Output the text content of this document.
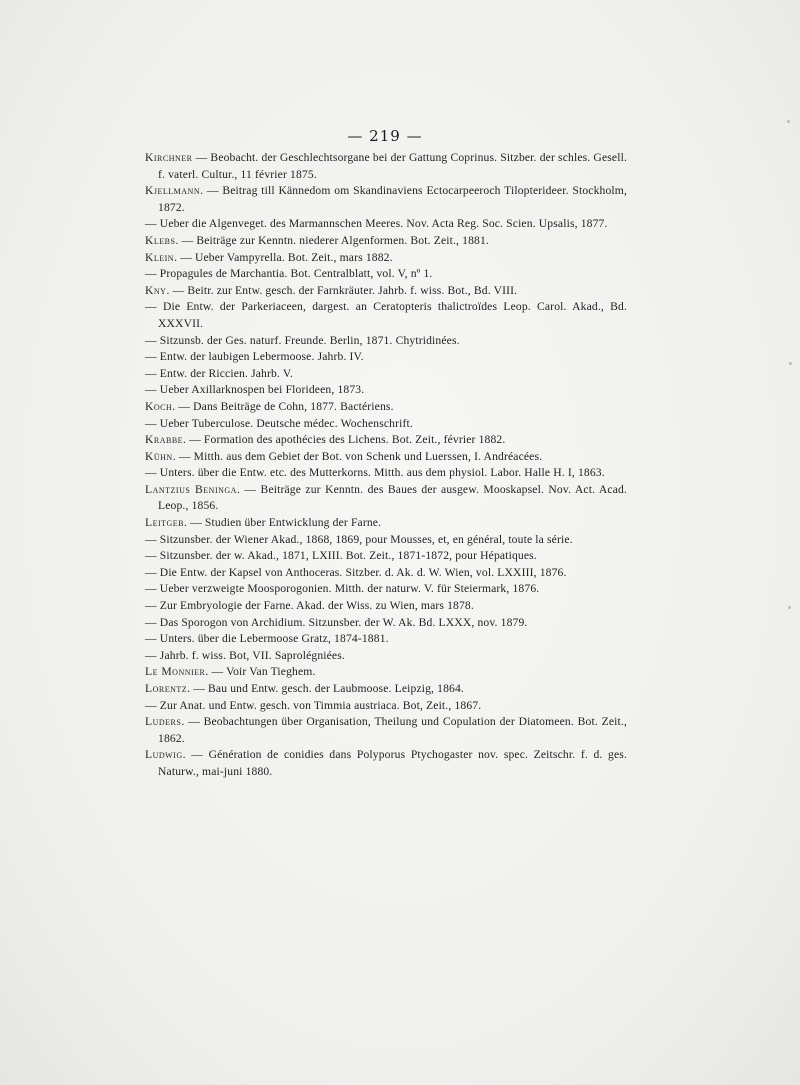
— 219 —

Kirchner — Beobacht. der Geschlechtsorgane bei der Gattung Coprinus. Sitzber. der schles. Gesell. f. vaterl. Cultur., 11 février 1875.

Kjellmann. — Beitrag till Kännedom om Skandinaviens Ectocarpeeroch Tilopterideer. Stockholm, 1872.

— Ueber die Algenveget. des Marmannschen Meeres. Nov. Acta Reg. Soc. Scien. Upsalis, 1877.

Klebs. — Beiträge zur Kenntn. niederer Algenformen. Bot. Zeit., 1881.

Klein. — Ueber Vampyrella. Bot. Zeit., mars 1882.

— Propagules de Marchantia. Bot. Centralblatt, vol. V, nº 1.

Kny. — Beitr. zur Entw. gesch. der Farnkräuter. Jahrb. f. wiss. Bot., Bd. VIII.

— Die Entw. der Parkeriaceen, dargest. an Ceratopteris thalictroïdes Leop. Carol. Akad., Bd. XXXVII.

— Sitzunsb. der Ges. naturf. Freunde. Berlin, 1871. Chytridinées.

— Entw. der laubigen Lebermoose. Jahrb. IV.

— Entw. der Riccien. Jahrb. V.

— Ueber Axillarknospen bei Florideen, 1873.

Koch. — Dans Beiträge de Cohn, 1877. Bactériens.

— Ueber Tuberculose. Deutsche médec. Wochenschrift.

Krabbe. — Formation des apothécies des Lichens. Bot. Zeit., février 1882.

Kühn. — Mitth. aus dem Gebiet der Bot. von Schenk und Luerssen, I. Andréacées.

— Unters. über die Entw. etc. des Mutterkorns. Mitth. aus dem physiol. Labor. Halle H. I, 1863.

Lantzius Beninga. — Beiträge zur Kenntn. des Baues der ausgew. Mooskapsel. Nov. Act. Acad. Leop., 1856.

Leitgeb. — Studien über Entwicklung der Farne.

— Sitzunsber. der Wiener Akad., 1868, 1869, pour Mousses, et, en général, toute la série.

— Sitzunsber. der w. Akad., 1871, LXIII. Bot. Zeit., 1871-1872, pour Hépatiques.

— Die Entw. der Kapsel von Anthoceras. Sitzber. d. Ak. d. W. Wien, vol. LXXIII, 1876.

— Ueber verzweigte Moosporogonien. Mitth. der naturw. V. für Steiermark, 1876.

— Zur Embryologie der Farne. Akad. der Wiss. zu Wien, mars 1878.

— Das Sporogon von Archidium. Sitzunsber. der W. Ak. Bd. LXXX, nov. 1879.

— Unters. über die Lebermoose Gratz, 1874-1881.

— Jahrb. f. wiss. Bot, VII. Saprolégniées.

Le Monnier. — Voir Van Tieghem.

Lorentz. — Bau und Entw. gesch. der Laubmoose. Leipzig, 1864.

— Zur Anat. und Entw. gesch. von Timmia austriaca. Bot, Zeit., 1867.

Luders. — Beobachtungen über Organisation, Theilung und Copulation der Diatomeen. Bot. Zeit., 1862.

Ludwig. — Génération de conidies dans Polyporus Ptychogaster nov. spec. Zeitschr. f. d. ges. Naturw., mai-juni 1880.
